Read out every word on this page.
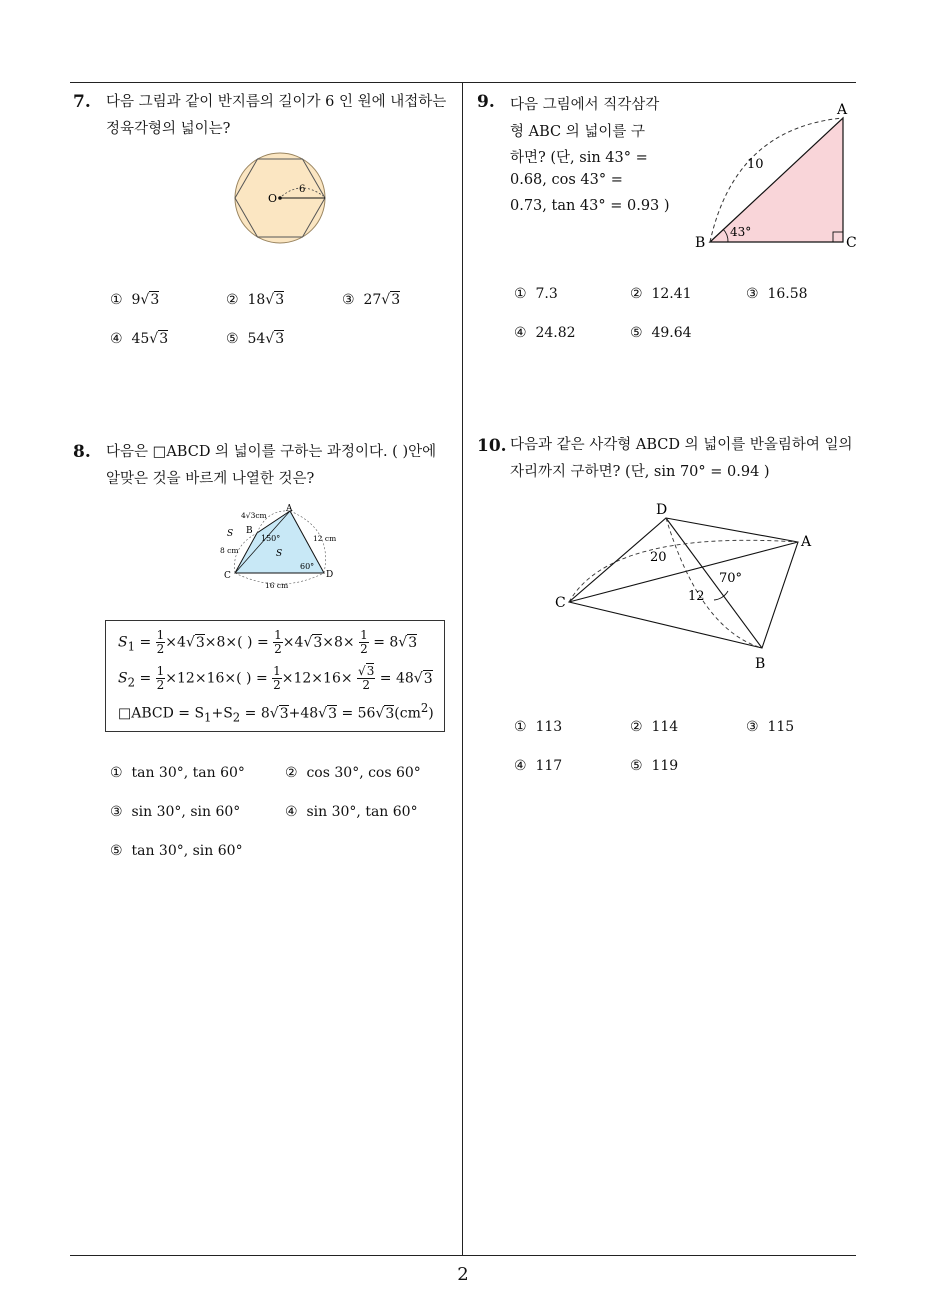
7. 다음 그림과 같이 반지름의 길이가 6 인 원에 내접하는
정육각형의 넓이는?
O
6
① 9√3	② 18√3	③ 27√3
④ 45√3	⑤ 54√3
8. 다음은 □ABCD 의 넓이를 구하는 과정이다. ( )안에
알맞은 것을 바르게 나열한 것은?
A
B
C	D
S
S
4√3cm
12 cm
8 cm
16 cm
150°
60°
$S_1 = \frac{1}{2} \times 4√3\times 8\times$( ) = $\frac{1}{2} \times 4√3\times 8\times \frac{1}{2} = 8√3$
$S_2 = \frac{1}{2} \times 12\times 16\times$( ) = $\frac{1}{2} \times 12\times 16\times \frac{√3}{2} = 48√3$
□ABCD = $S_1+S_2 = 8√3+48√3 = 56√3(cm^2)$
① tan 30°, tan 60°	② cos 30°, cos 60°
③ sin 30°, sin 60°	④ sin 30°, tan 60°
⑤ tan 30°, sin 60°
9. 다음 그림에서 직각삼각
형 ABC 의 넓이를 구
하면? (단, sin 43° =
0.68, cos 43° =
0.73, tan 43° = 0.93 )
A
B	C
10
43°
① 7.3	② 12.41	③ 16.58
④ 24.82	⑤ 49.64
10. 다음과 같은 사각형 ABCD 의 넓이를 반올림하여 일의
자리까지 구하면? (단, sin 70° = 0.94 )
D
A
B
C
20
12
70°
① 113	② 114	③ 115
④ 117	⑤ 119
2
